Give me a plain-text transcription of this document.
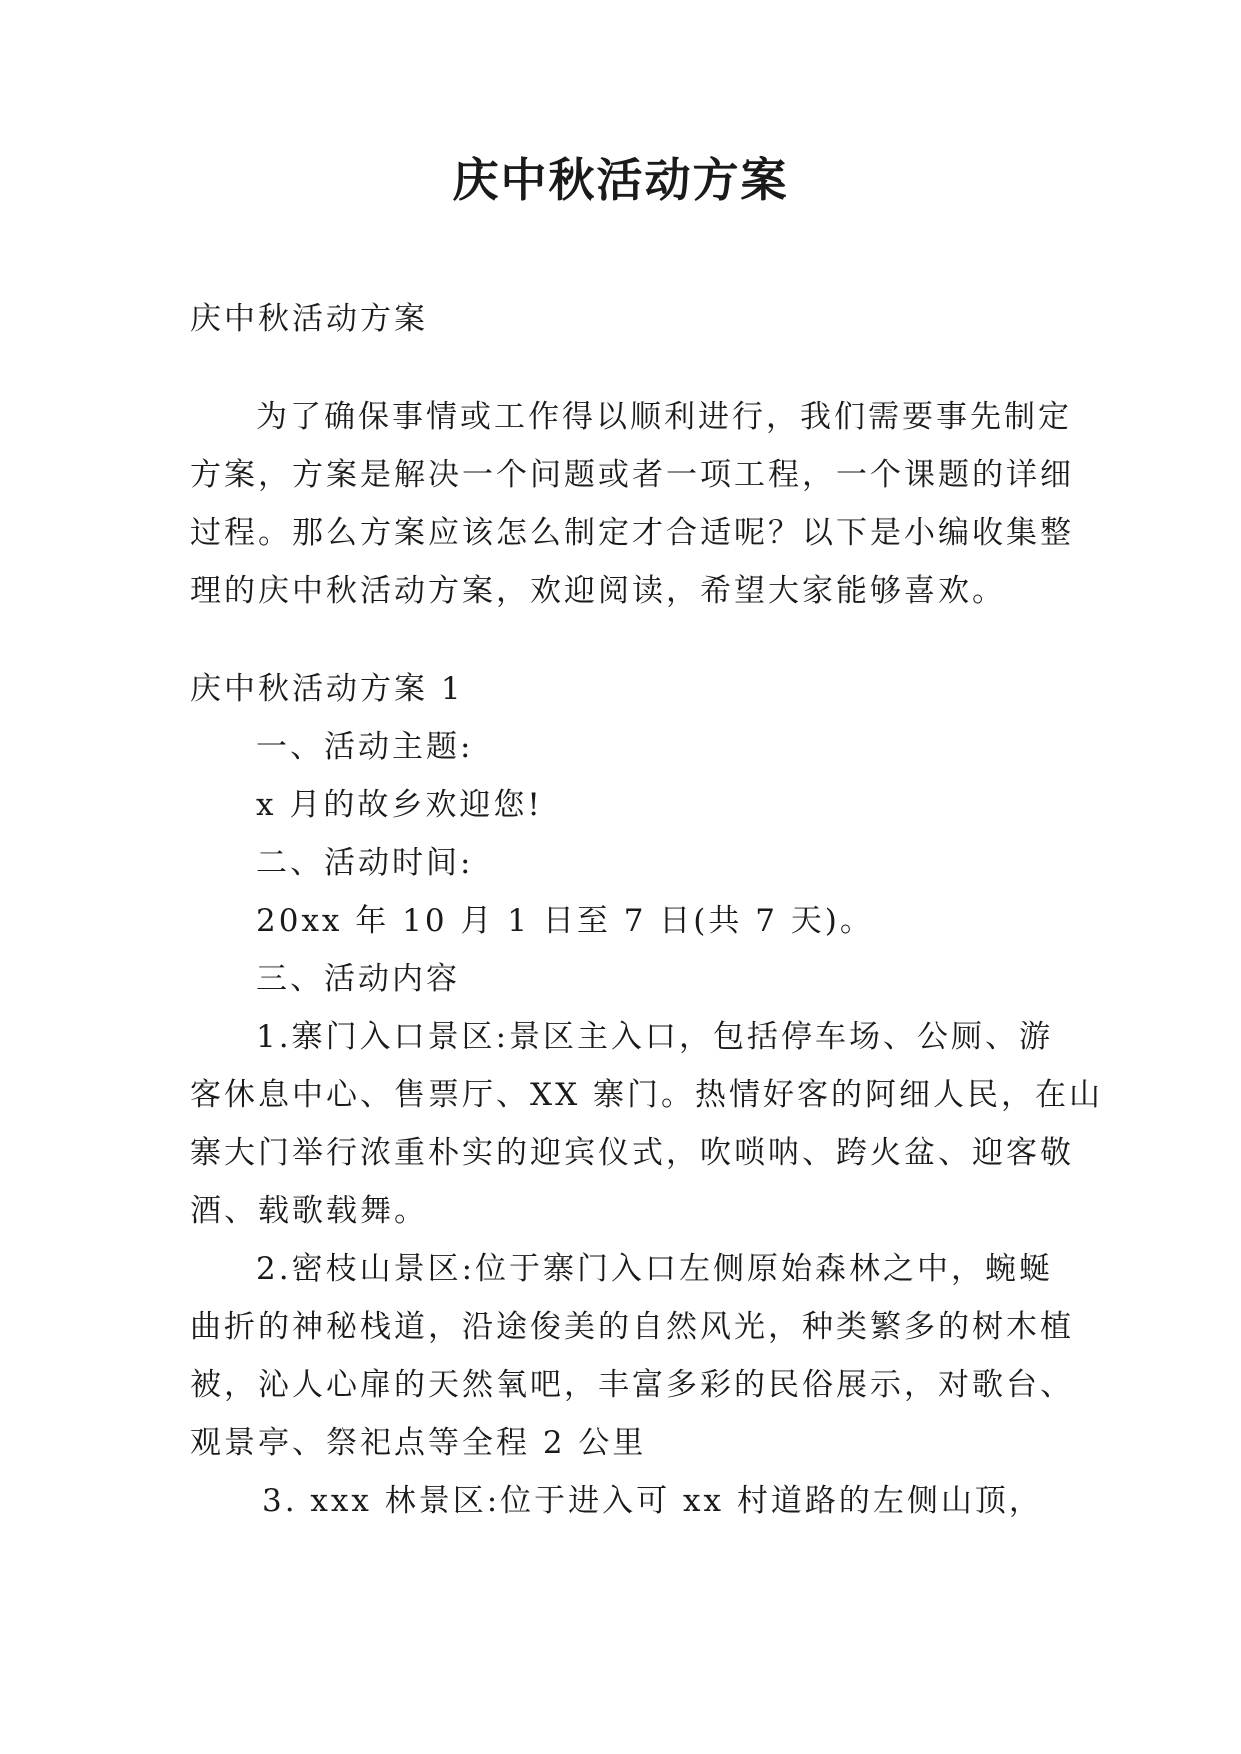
庆中秋活动方案
庆中秋活动方案
为了确保事情或工作得以顺利进行，我们需要事先制定
方案，方案是解决一个问题或者一项工程，一个课题的详细
过程。那么方案应该怎么制定才合适呢？以下是小编收集整
理的庆中秋活动方案，欢迎阅读，希望大家能够喜欢。
庆中秋活动方案 1
一、活动主题:
x 月的故乡欢迎您!
二、活动时间:
20xx 年 10 月 1 日至 7 日(共 7 天)。
三、活动内容
1.寨门入口景区:景区主入口，包括停车场、公厕、游
客休息中心、售票厅、XX 寨门。热情好客的阿细人民，在山
寨大门举行浓重朴实的迎宾仪式，吹唢呐、跨火盆、迎客敬
酒、载歌载舞。
2.密枝山景区:位于寨门入口左侧原始森林之中，蜿蜒
曲折的神秘栈道，沿途俊美的自然风光，种类繁多的树木植
被，沁人心扉的天然氧吧，丰富多彩的民俗展示，对歌台、
观景亭、祭祀点等全程 2 公里
3. xxx 林景区:位于进入可 xx 村道路的左侧山顶，
